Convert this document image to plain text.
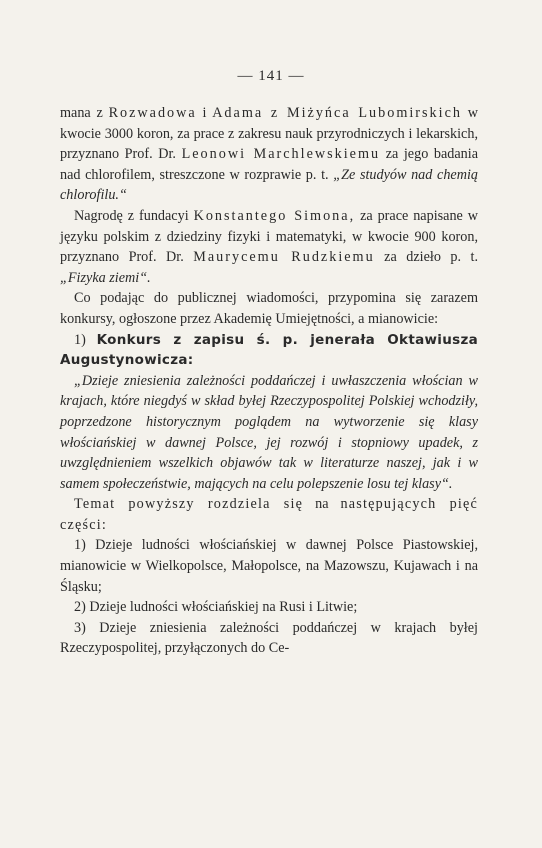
— 141 —

mana z Rozwadowa i Adama z Miżyńca Lubomirskich w kwocie 3000 koron, za prace z zakresu nauk przyrodniczych i lekarskich, przyznano Prof. Dr. Leonowi Marchlewskiemu za jego badania nad chlorofilem, streszczone w rozprawie p. t. „Ze studyów nad chemią chlorofilu.“

Nagrodę z fundacyi Konstantego Simona, za prace napisane w języku polskim z dziedziny fizyki i matematyki, w kwocie 900 koron, przyznano Prof. Dr. Maurycemu Rudzkiemu za dzieło p. t. „Fizyka ziemi“.

Co podając do publicznej wiadomości, przypomina się zarazem konkursy, ogłoszone przez Akademię Umiejętności, a mianowicie:

1) Konkurs z zapisu ś. p. jenerała Oktawiusza Augustynowicza:

„Dzieje zniesienia zależności poddańczej i uwłaszczenia włościan w krajach, które niegdyś w skład byłej Rzeczypospolitej Polskiej wchodziły, poprzedzone historycznym poglądem na wytworzenie się klasy włościańskiej w dawnej Polsce, jej rozwój i stopniowy upadek, z uwzględnieniem wszelkich objawów tak w literaturze naszej, jak i w samem społeczeństwie, mających na celu polepszenie losu tej klasy“.

Temat powyższy rozdziela się na następujących pięć części:

1) Dzieje ludności włościańskiej w dawnej Polsce Piastowskiej, mianowicie w Wielkopolsce, Małopolsce, na Mazowszu, Kujawach i na Śląsku;

2) Dzieje ludności włościańskiej na Rusi i Litwie;

3) Dzieje zniesienia zależności poddańczej w krajach byłej Rzeczypospolitej, przyłączonych do Ce-
